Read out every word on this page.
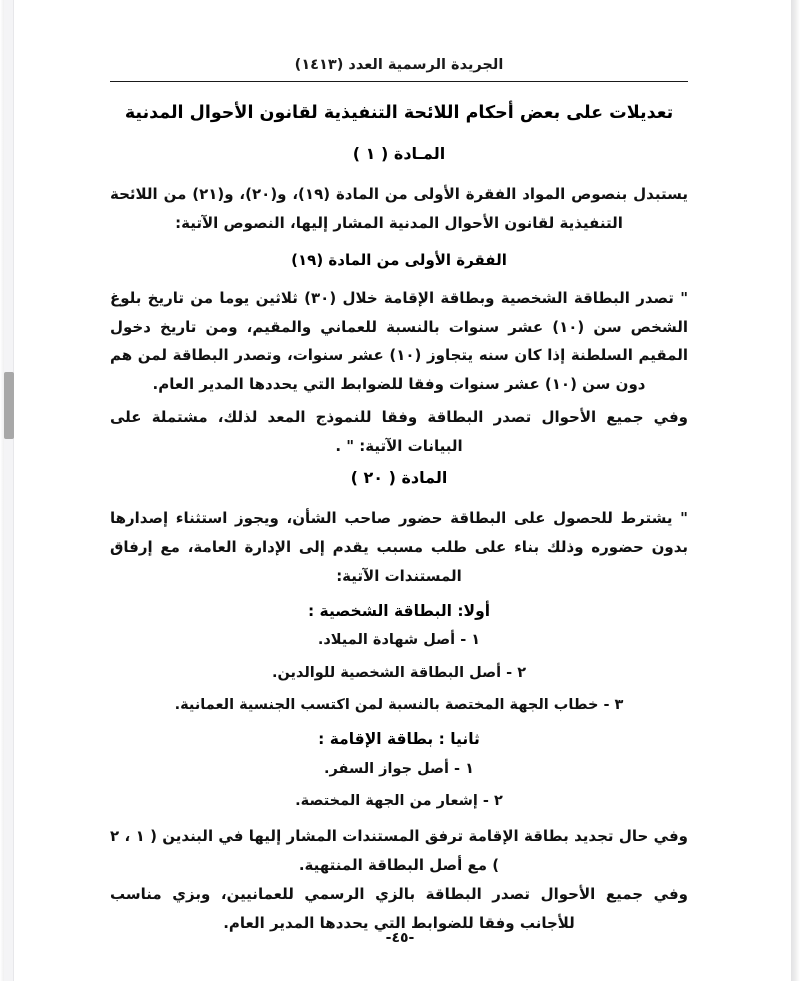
الجريدة الرسمية العدد (١٤١٣)
تعديلات على بعض أحكام اللائحة التنفيذية لقانون الأحوال المدنية
المـادة ( ١ )

يستبدل بنصوص المواد الفقرة الأولى من المادة (١٩)، و(٢٠)، و(٢١) من اللائحة التنفيذية لقانون الأحوال المدنية المشار إليها، النصوص الآتية:

الفقرة الأولى من المادة (١٩)

" تصدر البطاقة الشخصية وبطاقة الإقامة خلال (٣٠) ثلاثين يوما من تاريخ بلوغ الشخص سن (١٠) عشر سنوات بالنسبة للعماني والمقيم، ومن تاريخ دخول المقيم السلطنة إذا كان سنه يتجاوز (١٠) عشر سنوات، وتصدر البطاقة لمن هم دون سن (١٠) عشر سنوات وفقا للضوابط التي يحددها المدير العام.

وفي جميع الأحوال تصدر البطاقة وفقا للنموذج المعد لذلك، مشتملة على البيانات الآتية: " .

المادة ( ٢٠ )

" يشترط للحصول على البطاقة حضور صاحب الشأن، ويجوز استثناء إصدارها بدون حضوره وذلك بناء على طلب مسبب يقدم إلى الإدارة العامة، مع إرفاق المستندات الآتية:

أولا: البطاقة الشخصية :
١ - أصل شهادة الميلاد.
٢ - أصل البطاقة الشخصية للوالدين.
٣ - خطاب الجهة المختصة بالنسبة لمن اكتسب الجنسية العمانية.
ثانيا : بطاقة الإقامة :
١ - أصل جواز السفر.
٢ - إشعار من الجهة المختصة.

وفي حال تجديد بطاقة الإقامة ترفق المستندات المشار إليها في البندين ( ١ ، ٢ ) مع أصل البطاقة المنتهية.

وفي جميع الأحوال تصدر البطاقة بالزي الرسمي للعمانيين، وبزي مناسب للأجانب وفقا للضوابط التي يحددها المدير العام.

-٤٥-
